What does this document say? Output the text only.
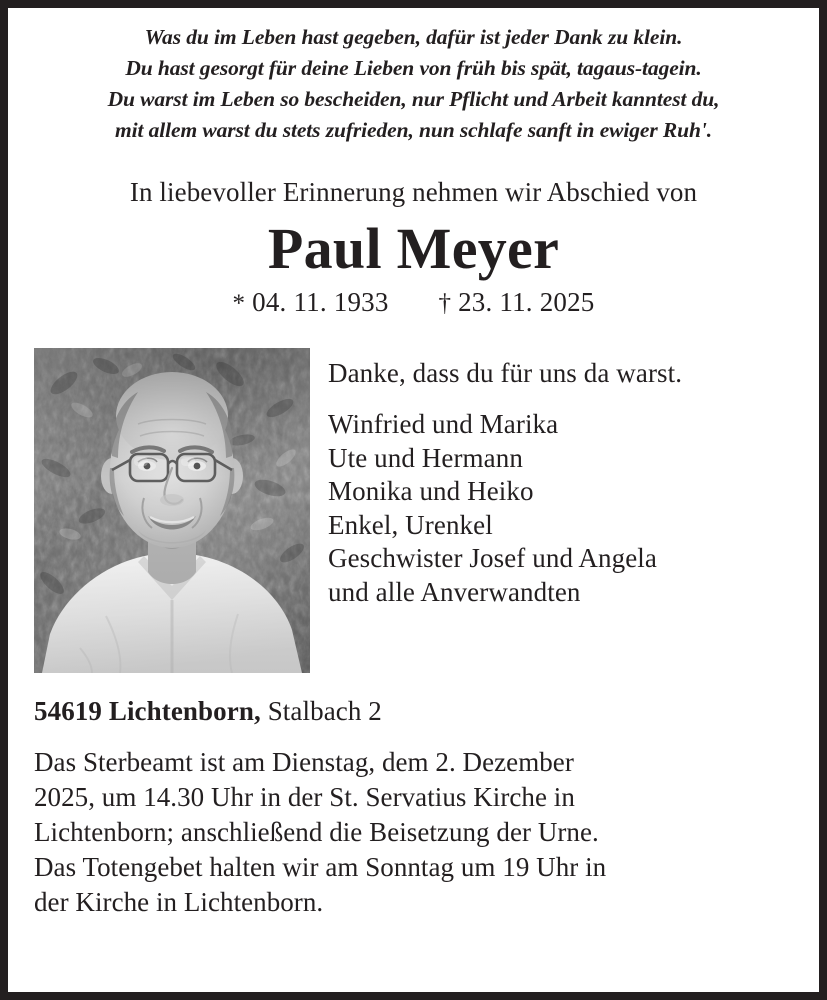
Was du im Leben hast gegeben, dafür ist jeder Dank zu klein.
Du hast gesorgt für deine Lieben von früh bis spät, tagaus-tagein.
Du warst im Leben so bescheiden, nur Pflicht und Arbeit kanntest du,
mit allem warst du stets zufrieden, nun schlafe sanft in ewiger Ruh'.
In liebevoller Erinnerung nehmen wir Abschied von
Paul Meyer
* 04. 11. 1933 † 23. 11. 2025
Danke, dass du für uns da warst.
Winfried und Marika
Ute und Hermann
Monika und Heiko
Enkel, Urenkel
Geschwister Josef und Angela
und alle Anverwandten
54619 Lichtenborn, Stalbach 2
Das Sterbeamt ist am Dienstag, dem 2. Dezember
2025, um 14.30 Uhr in der St. Servatius Kirche in
Lichtenborn; anschließend die Beisetzung der Urne.
Das Totengebet halten wir am Sonntag um 19 Uhr in
der Kirche in Lichtenborn.
